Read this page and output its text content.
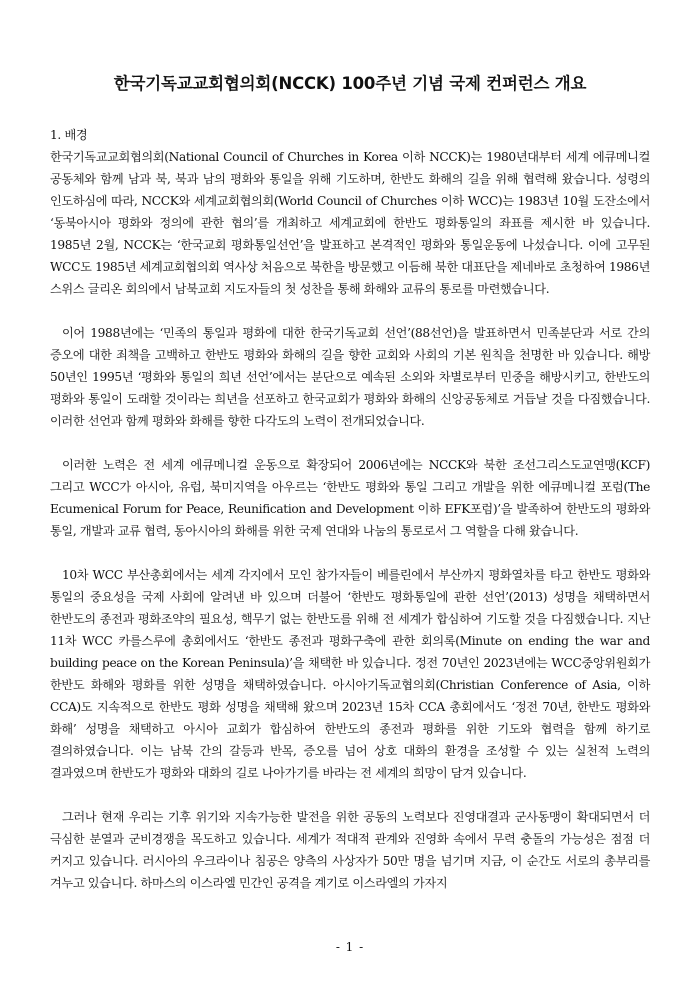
한국기독교교회협의회(NCCK) 100주년 기념 국제 컨퍼런스 개요

1. 배경

한국기독교교회협의회(National Council of Churches in Korea 이하 NCCK)는 1980년대부터 세계 에큐메니컬 공동체와 함께 남과 북, 북과 남의 평화와 통일을 위해 기도하며, 한반도 화해의 길을 위해 협력해 왔습니다. 성령의 인도하심에 따라, NCCK와 세계교회협의회(World Council of Churches 이하 WCC)는 1983년 10월 도잔소에서 ‘동북아시아 평화와 정의에 관한 협의’를 개최하고 세계교회에 한반도 평화통일의 좌표를 제시한 바 있습니다. 1985년 2월, NCCK는 ‘한국교회 평화통일선언’을 발표하고 본격적인 평화와 통일운동에 나섰습니다. 이에 고무된 WCC도 1985년 세계교회협의회 역사상 처음으로 북한을 방문했고 이듬해 북한 대표단을 제네바로 초청하여 1986년 스위스 글리온 회의에서 남북교회 지도자들의 첫 성찬을 통해 화해와 교류의 통로를 마련했습니다.

이어 1988년에는 ‘민족의 통일과 평화에 대한 한국기독교회 선언’(88선언)을 발표하면서 민족분단과 서로 간의 증오에 대한 죄책을 고백하고 한반도 평화와 화해의 길을 향한 교회와 사회의 기본 원칙을 천명한 바 있습니다. 해방 50년인 1995년 ‘평화와 통일의 희년 선언’에서는 분단으로 예속된 소외와 차별로부터 민중을 해방시키고, 한반도의 평화와 통일이 도래할 것이라는 희년을 선포하고 한국교회가 평화와 화해의 신앙공동체로 거듭날 것을 다짐했습니다. 이러한 선언과 함께 평화와 화해를 향한 다각도의 노력이 전개되었습니다.

이러한 노력은 전 세계 에큐메니컬 운동으로 확장되어 2006년에는 NCCK와 북한 조선그리스도교연맹(KCF) 그리고 WCC가 아시아, 유럽, 북미지역을 아우르는 ‘한반도 평화와 통일 그리고 개발을 위한 에큐메니컬 포럼(The Ecumenical Forum for Peace, Reunification and Development 이하 EFK포럼)’을 발족하여 한반도의 평화와 통일, 개발과 교류 협력, 동아시아의 화해를 위한 국제 연대와 나눔의 통로로서 그 역할을 다해 왔습니다.

10차 WCC 부산총회에서는 세계 각지에서 모인 참가자들이 베를린에서 부산까지 평화열차를 타고 한반도 평화와 통일의 중요성을 국제 사회에 알려낸 바 있으며 더불어 ‘한반도 평화통일에 관한 선언’(2013) 성명을 채택하면서 한반도의 종전과 평화조약의 필요성, 핵무기 없는 한반도를 위해 전 세계가 합심하여 기도할 것을 다짐했습니다. 지난 11차 WCC 카를스루에 총회에서도 ‘한반도 종전과 평화구축에 관한 회의록(Minute on ending the war and building peace on the Korean Peninsula)’을 채택한 바 있습니다. 정전 70년인 2023년에는 WCC중앙위원회가 한반도 화해와 평화를 위한 성명을 채택하였습니다. 아시아기독교협의회(Christian Conference of Asia, 이하 CCA)도 지속적으로 한반도 평화 성명을 채택해 왔으며 2023년 15차 CCA 총회에서도 ‘정전 70년, 한반도 평화와 화해’ 성명을 채택하고 아시아 교회가 합심하여 한반도의 종전과 평화를 위한 기도와 협력을 함께 하기로 결의하였습니다. 이는 남북 간의 갈등과 반목, 증오를 넘어 상호 대화의 환경을 조성할 수 있는 실천적 노력의 결과였으며 한반도가 평화와 대화의 길로 나아가기를 바라는 전 세계의 희망이 담겨 있습니다.

그러나 현재 우리는 기후 위기와 지속가능한 발전을 위한 공동의 노력보다 진영대결과 군사동맹이 확대되면서 더 극심한 분열과 군비경쟁을 목도하고 있습니다. 세계가 적대적 관계와 진영화 속에서 무력 충돌의 가능성은 점점 더 커지고 있습니다. 러시아의 우크라이나 침공은 양측의 사상자가 50만 명을 넘기며 지금, 이 순간도 서로의 총부리를 겨누고 있습니다. 하마스의 이스라엘 민간인 공격을 계기로 이스라엘의 가자지

- 1 -
